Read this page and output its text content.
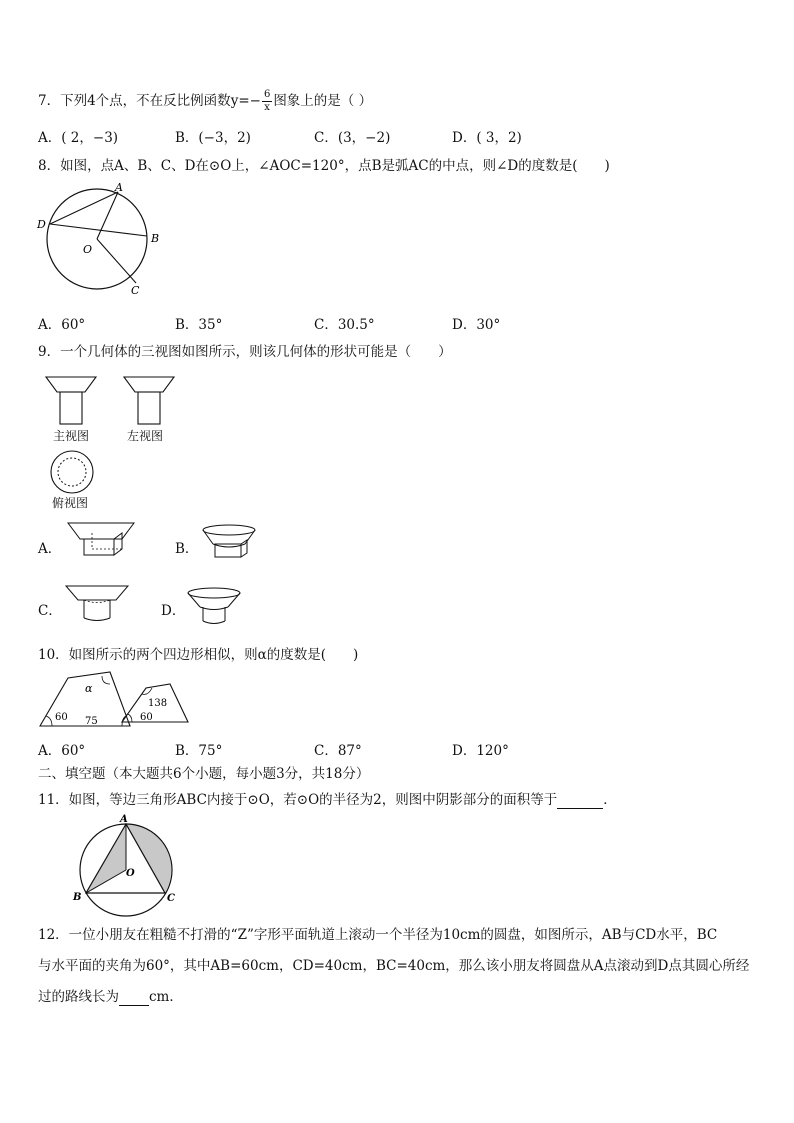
7．下列4个点，不在反比例函数$y=- \frac{6}{x}$ 图象上的是（ ）
A．( 2，−3)	B．(−3，2)	C．(3，−2)	D．( 3，2)
8．如图，点A、B、C、D在⊙O上，∠AOC=120°，点B是弧AC的中点，则∠D的度数是(　　)
A
B
C
D
O
A．60°	B．35°	C．30.5°	D．30°
9．一个几何体的三视图如图所示，则该几何体的形状可能是（　　）
主视图	左视图
俯视图
A．	B．
C．	D．
10．如图所示的两个四边形相似，则α的度数是(　　)
α
60 75
138
60
A．60°	B．75°	C．87°	D．120°
二、填空题（本大题共6个小题，每小题3分，共18分）
11．如图，等边三角形ABC内接于⊙O，若⊙O的半径为2，则图中阴影部分的面积等于	．
A
B	C
O
12．一位小朋友在粗糙不打滑的“Z”字形平面轨道上滚动一个半径为10cm的圆盘，如图所示，AB与CD水平，BC
与水平面的夹角为60°，其中AB=60cm，CD=40cm，BC=40cm，那么该小朋友将圆盘从A点滚动到D点其圆心所经
过的路线长为 cm．
